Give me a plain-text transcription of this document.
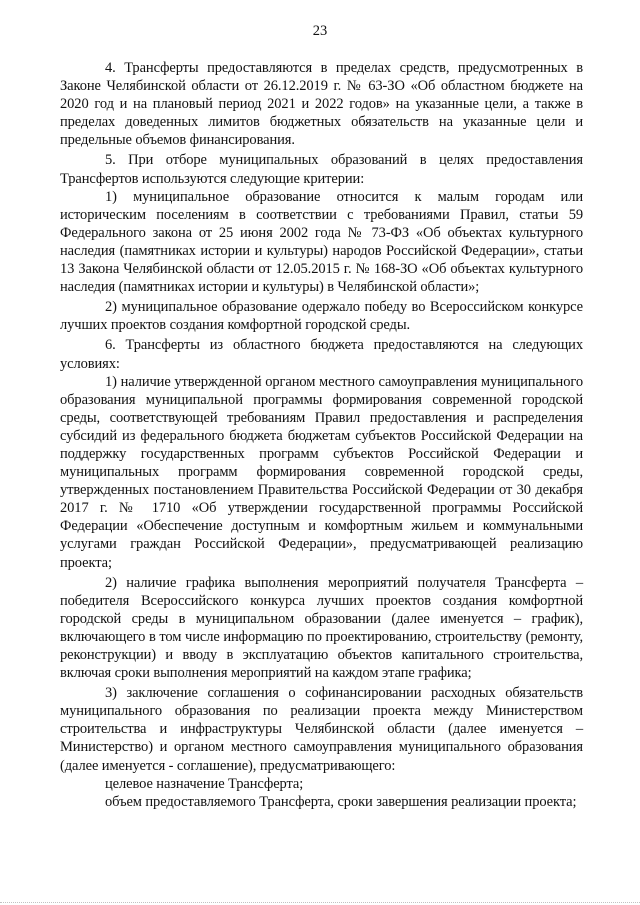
23

4. Трансферты предоставляются в пределах средств, предусмотренных в Законе Челябинской области от 26.12.2019 г. № 63-ЗО «Об областном бюджете на 2020 год и на плановый период 2021 и 2022 годов» на указанные цели, а также в пределах доведенных лимитов бюджетных обязательств на указанные цели и предельные объемов финансирования.

5. При отборе муниципальных образований в целях предоставления Трансфертов используются следующие критерии:

1) муниципальное образование относится к малым городам или историческим поселениям в соответствии с требованиями Правил, статьи 59 Федерального закона от 25 июня 2002 года № 73-ФЗ «Об объектах культурного наследия (памятниках истории и культуры) народов Российской Федерации», статьи 13 Закона Челябинской области от 12.05.2015 г. № 168-ЗО «Об объектах культурного наследия (памятниках истории и культуры) в Челябинской области»;

2) муниципальное образование одержало победу во Всероссийском конкурсе лучших проектов создания комфортной городской среды.

6. Трансферты из областного бюджета предоставляются на следующих условиях:

1) наличие утвержденной органом местного самоуправления муниципального образования муниципальной программы формирования современной городской среды, соответствующей требованиям Правил предоставления и распределения субсидий из федерального бюджета бюджетам субъектов Российской Федерации на поддержку государственных программ субъектов Российской Федерации и муниципальных программ формирования современной городской среды, утвержденных постановлением Правительства Российской Федерации от 30 декабря 2017 г. № 1710 «Об утверждении государственной программы Российской Федерации «Обеспечение доступным и комфортным жильем и коммунальными услугами граждан Российской Федерации», предусматривающей реализацию проекта;

2) наличие графика выполнения мероприятий получателя Трансферта – победителя Всероссийского конкурса лучших проектов создания комфортной городской среды в муниципальном образовании (далее именуется – график), включающего в том числе информацию по проектированию, строительству (ремонту, реконструкции) и вводу в эксплуатацию объектов капитального строительства, включая сроки выполнения мероприятий на каждом этапе графика;

3) заключение соглашения о софинансировании расходных обязательств муниципального образования по реализации проекта между Министерством строительства и инфраструктуры Челябинской области (далее именуется – Министерство) и органом местного самоуправления муниципального образования (далее именуется - соглашение), предусматривающего:

целевое назначение Трансферта;

объем предоставляемого Трансферта, сроки завершения реализации проекта;
